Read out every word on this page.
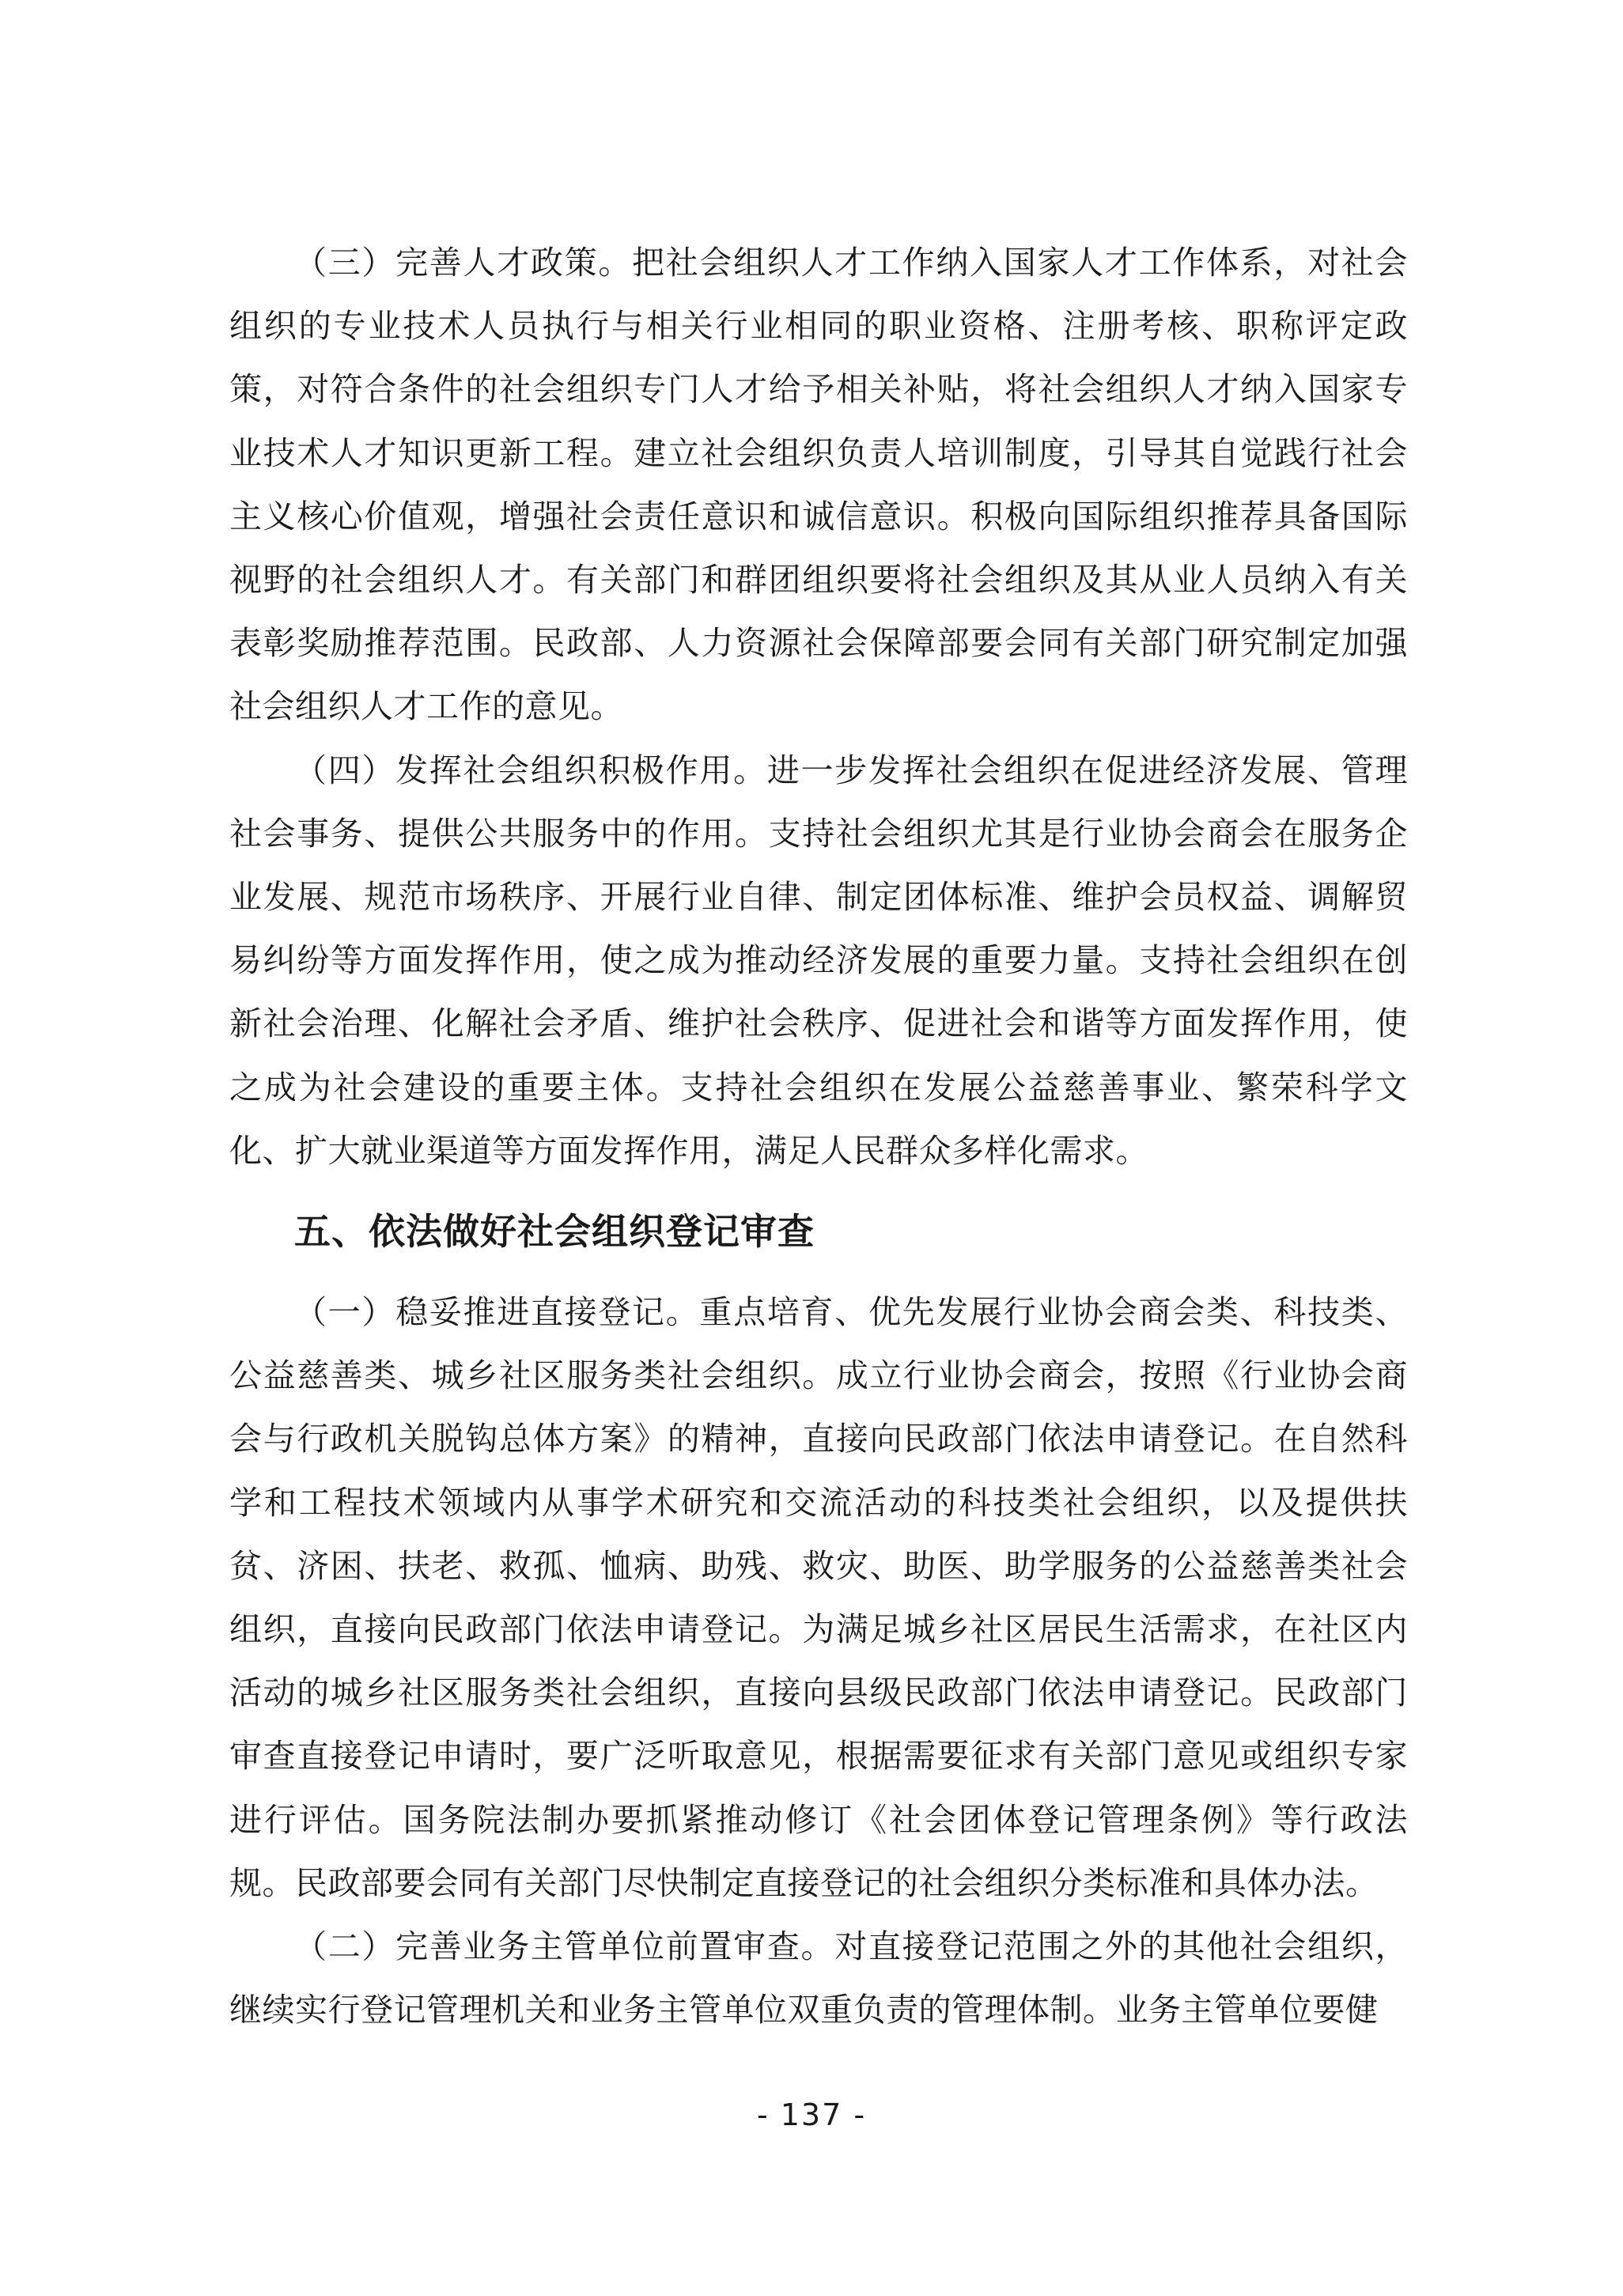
（三）完善人才政策。把社会组织人才工作纳入国家人才工作体系，对社会组织的专业技术人员执行与相关行业相同的职业资格、注册考核、职称评定政策，对符合条件的社会组织专门人才给予相关补贴，将社会组织人才纳入国家专业技术人才知识更新工程。建立社会组织负责人培训制度，引导其自觉践行社会主义核心价值观，增强社会责任意识和诚信意识。积极向国际组织推荐具备国际视野的社会组织人才。有关部门和群团组织要将社会组织及其从业人员纳入有关表彰奖励推荐范围。民政部、人力资源社会保障部要会同有关部门研究制定加强社会组织人才工作的意见。

（四）发挥社会组织积极作用。进一步发挥社会组织在促进经济发展、管理社会事务、提供公共服务中的作用。支持社会组织尤其是行业协会商会在服务企业发展、规范市场秩序、开展行业自律、制定团体标准、维护会员权益、调解贸易纠纷等方面发挥作用，使之成为推动经济发展的重要力量。支持社会组织在创新社会治理、化解社会矛盾、维护社会秩序、促进社会和谐等方面发挥作用，使之成为社会建设的重要主体。支持社会组织在发展公益慈善事业、繁荣科学文化、扩大就业渠道等方面发挥作用，满足人民群众多样化需求。

五、依法做好社会组织登记审查

（一）稳妥推进直接登记。重点培育、优先发展行业协会商会类、科技类、公益慈善类、城乡社区服务类社会组织。成立行业协会商会，按照《行业协会商会与行政机关脱钩总体方案》的精神，直接向民政部门依法申请登记。在自然科学和工程技术领域内从事学术研究和交流活动的科技类社会组织，以及提供扶贫、济困、扶老、救孤、恤病、助残、救灾、助医、助学服务的公益慈善类社会组织，直接向民政部门依法申请登记。为满足城乡社区居民生活需求，在社区内活动的城乡社区服务类社会组织，直接向县级民政部门依法申请登记。民政部门审查直接登记申请时，要广泛听取意见，根据需要征求有关部门意见或组织专家进行评估。国务院法制办要抓紧推动修订《社会团体登记管理条例》等行政法规。民政部要会同有关部门尽快制定直接登记的社会组织分类标准和具体办法。

（二）完善业务主管单位前置审查。对直接登记范围之外的其他社会组织，继续实行登记管理机关和业务主管单位双重负责的管理体制。业务主管单位要健

- 137 -
